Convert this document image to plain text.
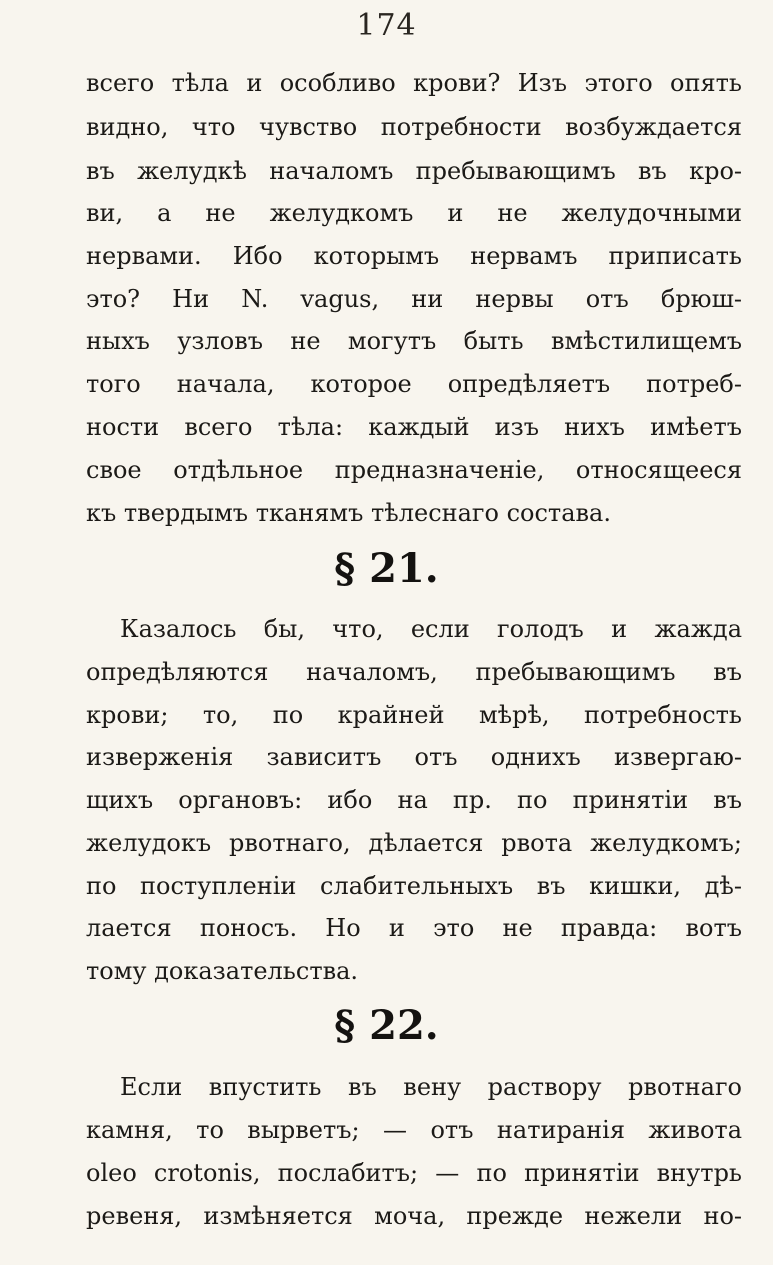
174

всего тѣла и особливо крови? Изъ этого опять
видно, что чувство потребности возбуждается
въ желудкѣ началомъ пребывающимъ въ кро-
ви, а не желудкомъ и не желудочными
нервами. Ибо которымъ нервамъ приписать
это? Ни N. vagus, ни нервы отъ брюш-
ныхъ узловъ не могутъ быть вмѣстилищемъ
того начала, которое опредѣляетъ потреб-
ности всего тѣла: каждый изъ нихъ имѣетъ
свое отдѣльное предназначеніе, относящееся
къ твердымъ тканямъ тѣлеснаго состава.
§ 21.
Казалось бы, что, если голодъ и жажда
опредѣляются началомъ, пребывающимъ въ
крови; то, по крайней мѣрѣ, потребность
изверженія зависитъ отъ однихъ извергаю-
щихъ органовъ: ибо на пр. по принятіи въ
желудокъ рвотнаго, дѣлается рвота желудкомъ;
по поступленіи слабительныхъ въ кишки, дѣ-
лается поносъ. Но и это не правда: вотъ
тому доказательства.
§ 22.
Если впустить въ вену раствору рвотнаго
камня, то вырветъ; — отъ натиранія живота
oleo crotonis, послабитъ; — по принятіи внутрь
ревеня, измѣняется моча, прежде нежели но-
